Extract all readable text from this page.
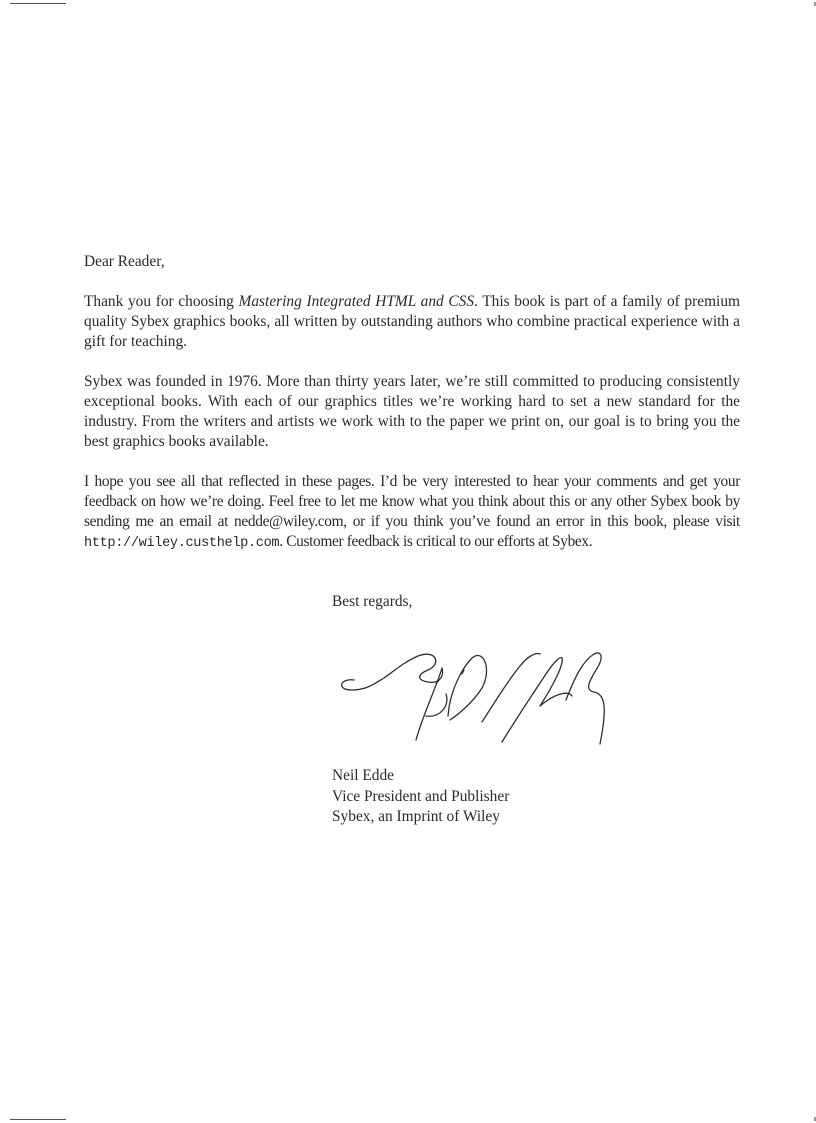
Dear Reader,

Thank you for choosing Mastering Integrated HTML and CSS. This book is part of a family of premium quality Sybex graphics books, all written by outstanding authors who combine practical experience with a gift for teaching.

Sybex was founded in 1976. More than thirty years later, we’re still committed to producing consistently exceptional books. With each of our graphics titles we’re working hard to set a new standard for the industry. From the writers and artists we work with to the paper we print on, our goal is to bring you the best graphics books available.

I hope you see all that reflected in these pages. I’d be very interested to hear your comments and get your feedback on how we’re doing. Feel free to let me know what you think about this or any other Sybex book by sending me an email at nedde@wiley.com, or if you think you’ve found an error in this book, please visit http://wiley.custhelp.com. Customer feedback is critical to our efforts at Sybex.

Best regards,
Neil Edde
Vice President and Publisher
Sybex, an Imprint of Wiley
